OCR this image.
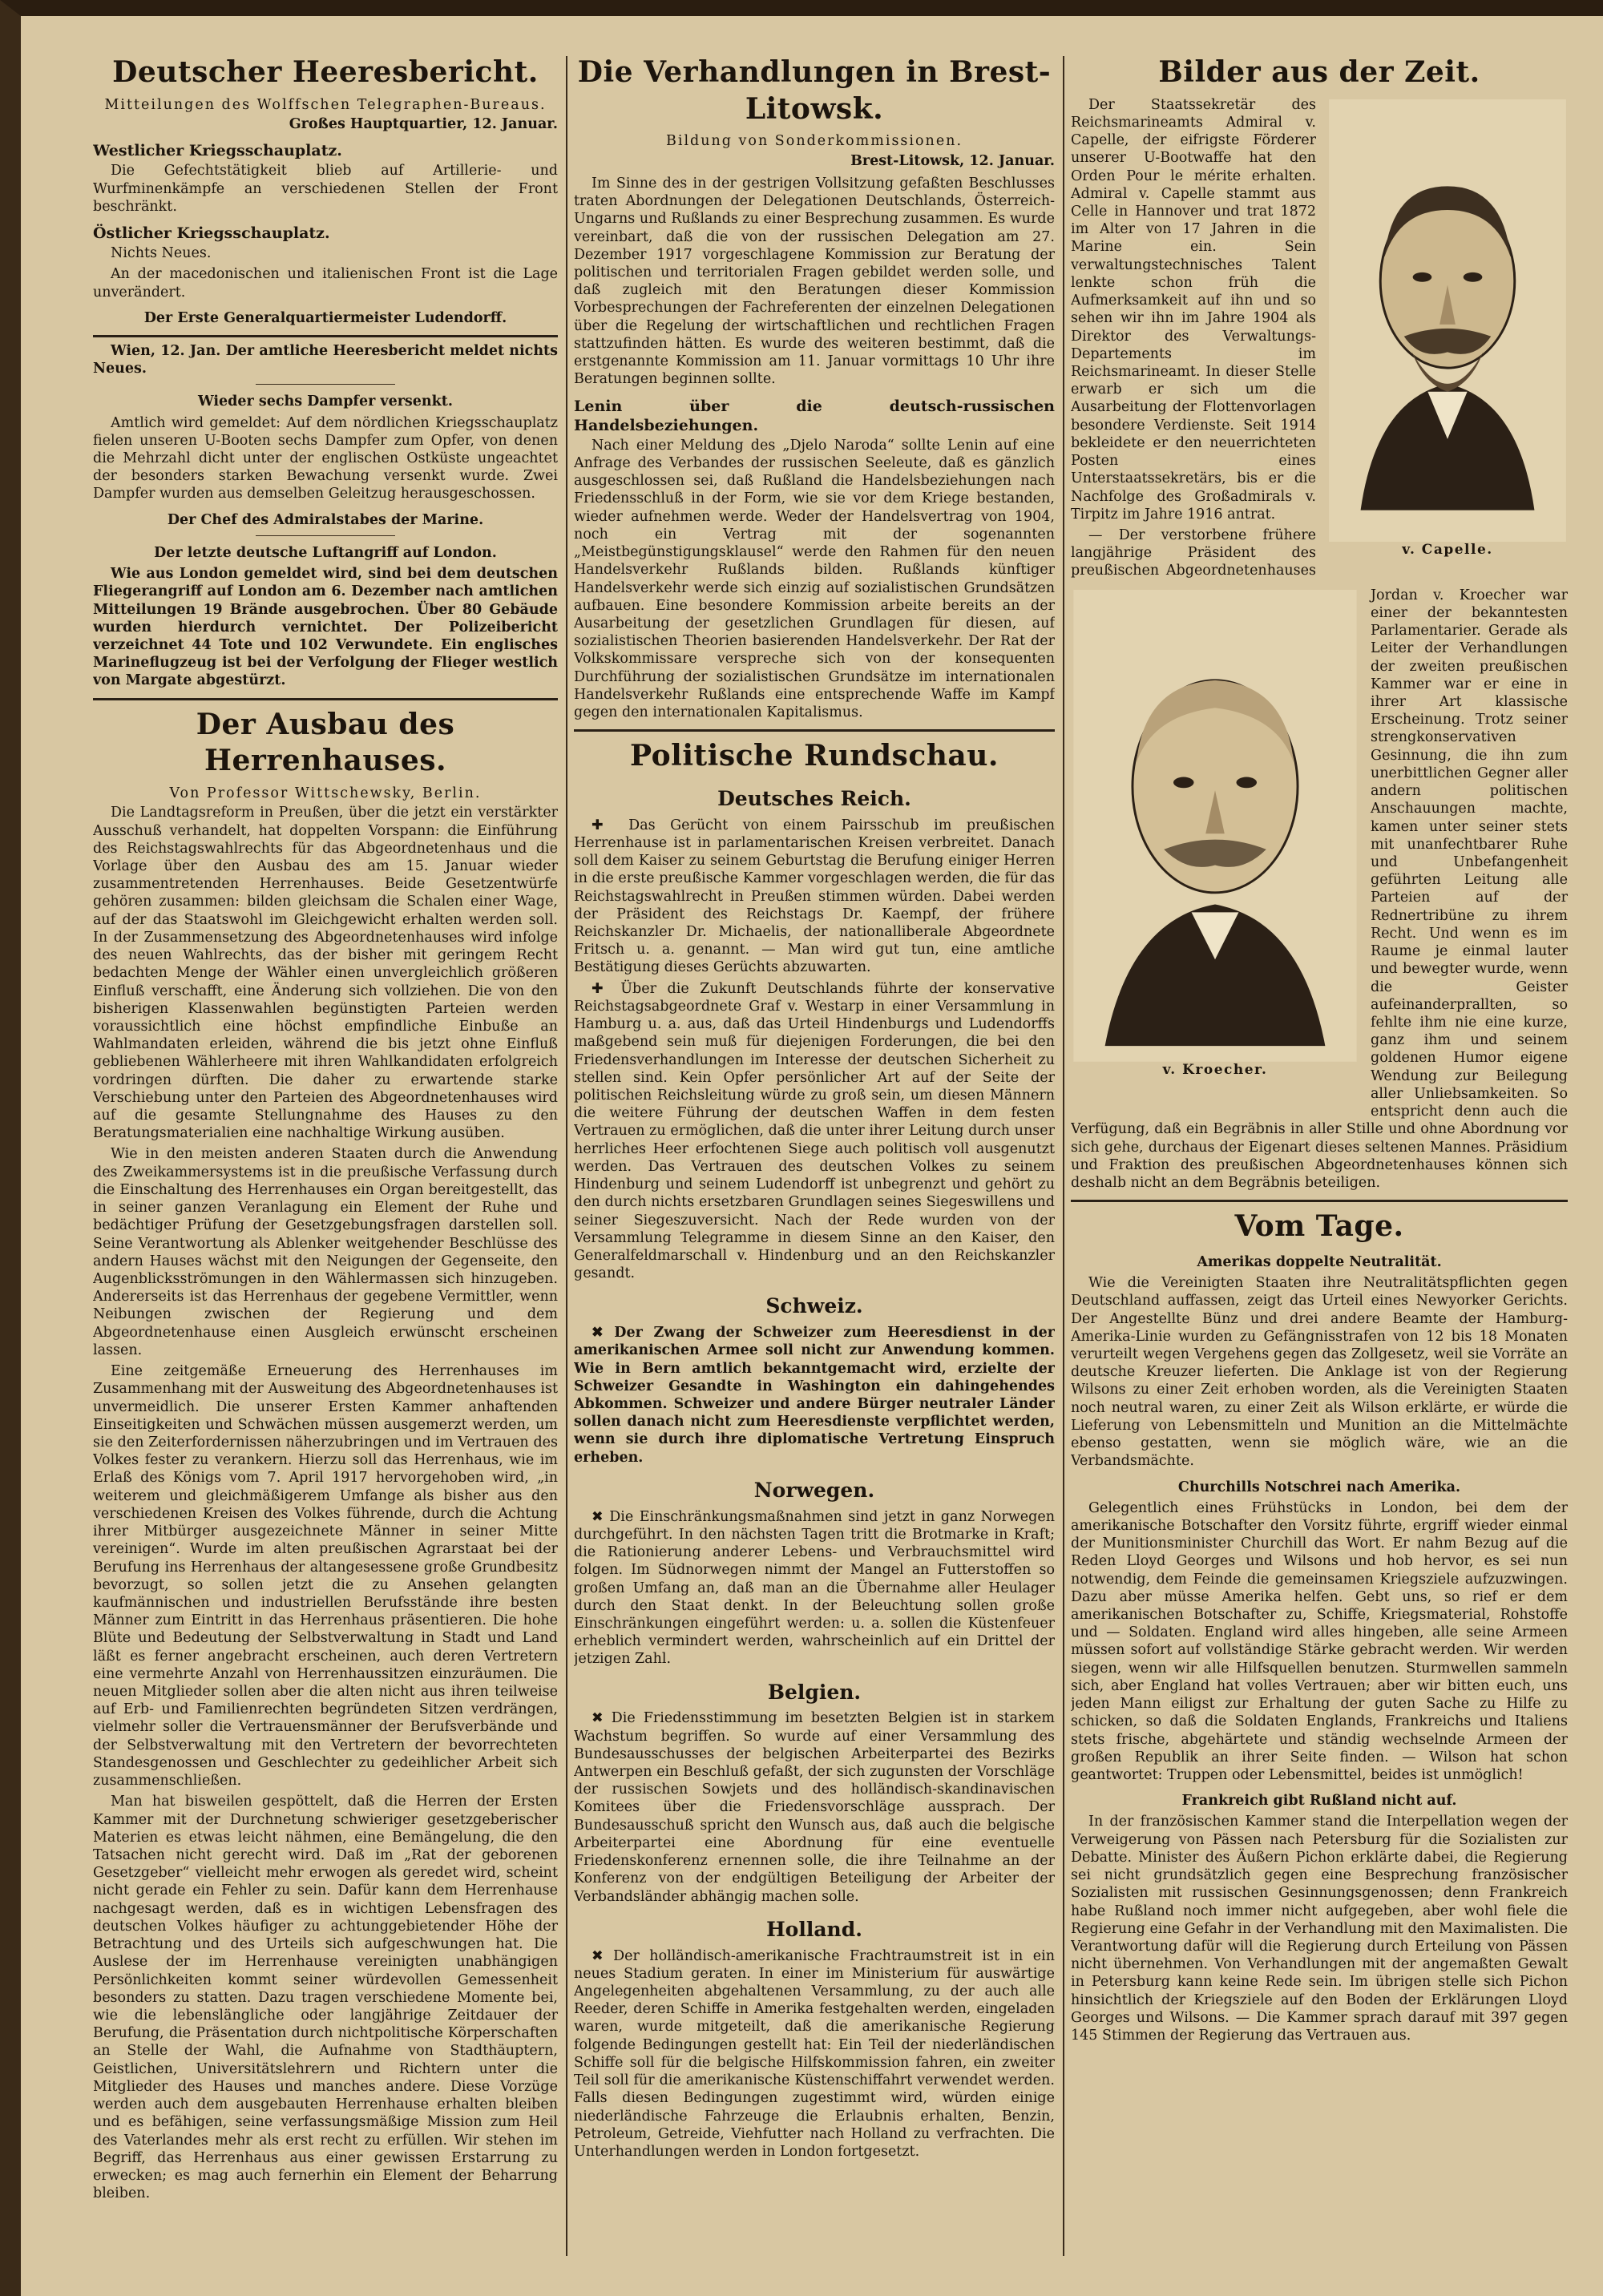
Deutscher Heeresbericht.
Mitteilungen des Wolffschen Telegraphen-Bureaus.
Großes Hauptquartier, 12. Januar.
Westlicher Kriegsschauplatz.

Die Gefechtstätigkeit blieb auf Artillerie- und Wurfminenkämpfe an verschiedenen Stellen der Front beschränkt.

Östlicher Kriegsschauplatz.

Nichts Neues.

An der macedonischen und italienischen Front ist die Lage unverändert.

Der Erste Generalquartiermeister Ludendorff.

Wien, 12. Jan. Der amtliche Heeresbericht meldet nichts Neues.

Wieder sechs Dampfer versenkt.

Amtlich wird gemeldet: Auf dem nördlichen Kriegsschauplatz fielen unseren U-Booten sechs Dampfer zum Opfer, von denen die Mehrzahl dicht unter der englischen Ostküste ungeachtet der besonders starken Bewachung versenkt wurde. Zwei Dampfer wurden aus demselben Geleitzug herausgeschossen.

Der Chef des Admiralstabes der Marine.
Der letzte deutsche Luftangriff auf London.

Wie aus London gemeldet wird, sind bei dem deutschen Fliegerangriff auf London am 6. Dezember nach amtlichen Mitteilungen 19 Brände ausgebrochen. Über 80 Gebäude wurden hierdurch vernichtet. Der Polizeibericht verzeichnet 44 Tote und 102 Verwundete. Ein englisches Marineflugzeug ist bei der Verfolgung der Flieger westlich von Margate abgestürzt.

Der Ausbau des Herrenhauses.
Von Professor Wittschewsky, Berlin.

Die Landtagsreform in Preußen, über die jetzt ein verstärkter Ausschuß verhandelt, hat doppelten Vorspann: die Einführung des Reichstagswahlrechts für das Abgeordnetenhaus und die Vorlage über den Ausbau des am 15. Januar wieder zusammentretenden Herrenhauses. Beide Gesetzentwürfe gehören zusammen: bilden gleichsam die Schalen einer Wage, auf der das Staatswohl im Gleichgewicht erhalten werden soll. In der Zusammensetzung des Abgeordnetenhauses wird infolge des neuen Wahlrechts, das der bisher mit geringem Recht bedachten Menge der Wähler einen unvergleichlich größeren Einfluß verschafft, eine Änderung sich vollziehen. Die von den bisherigen Klassenwahlen begünstigten Parteien werden voraussichtlich eine höchst empfindliche Einbuße an Wahlmandaten erleiden, während die bis jetzt ohne Einfluß gebliebenen Wählerheere mit ihren Wahlkandidaten erfolgreich vordringen dürften. Die daher zu erwartende starke Verschiebung unter den Parteien des Abgeordnetenhauses wird auf die gesamte Stellungnahme des Hauses zu den Beratungsmaterialien eine nachhaltige Wirkung ausüben.

Wie in den meisten anderen Staaten durch die Anwendung des Zweikammersystems ist in die preußische Verfassung durch die Einschaltung des Herrenhauses ein Organ bereitgestellt, das in seiner ganzen Veranlagung ein Element der Ruhe und bedächtiger Prüfung der Gesetzgebungsfragen darstellen soll. Seine Verantwortung als Ablenker weitgehender Beschlüsse des andern Hauses wächst mit den Neigungen der Gegenseite, den Augenblicksströmungen in den Wählermassen sich hinzugeben. Andererseits ist das Herrenhaus der gegebene Vermittler, wenn Neibungen zwischen der Regierung und dem Abgeordnetenhause einen Ausgleich erwünscht erscheinen lassen.

Eine zeitgemäße Erneuerung des Herrenhauses im Zusammenhang mit der Ausweitung des Abgeordnetenhauses ist unvermeidlich. Die unserer Ersten Kammer anhaftenden Einseitigkeiten und Schwächen müssen ausgemerzt werden, um sie den Zeiterfordernissen näherzubringen und im Vertrauen des Volkes fester zu verankern. Hierzu soll das Herrenhaus, wie im Erlaß des Königs vom 7. April 1917 hervorgehoben wird, „in weiterem und gleichmäßigerem Umfange als bisher aus den verschiedenen Kreisen des Volkes führende, durch die Achtung ihrer Mitbürger ausgezeichnete Männer in seiner Mitte vereinigen“. Wurde im alten preußischen Agrarstaat bei der Berufung ins Herrenhaus der altangesessene große Grundbesitz bevorzugt, so sollen jetzt die zu Ansehen gelangten kaufmännischen und industriellen Berufsstände ihre besten Männer zum Eintritt in das Herrenhaus präsentieren. Die hohe Blüte und Bedeutung der Selbstverwaltung in Stadt und Land läßt es ferner angebracht erscheinen, auch deren Vertretern eine vermehrte Anzahl von Herrenhaussitzen einzuräumen. Die neuen Mitglieder sollen aber die alten nicht aus ihren teilweise auf Erb- und Familienrechten begründeten Sitzen verdrängen, vielmehr soller die Vertrauensmänner der Berufsverbände und der Selbstverwaltung mit den Vertretern der bevorrechteten Standesgenossen und Geschlechter zu gedeihlicher Arbeit sich zusammenschließen.

Man hat bisweilen gespöttelt, daß die Herren der Ersten Kammer mit der Durchnetung schwieriger gesetzgeberischer Materien es etwas leicht nähmen, eine Bemängelung, die den Tatsachen nicht gerecht wird. Daß im „Rat der geborenen Gesetzgeber“ vielleicht mehr erwogen als geredet wird, scheint nicht gerade ein Fehler zu sein. Dafür kann dem Herrenhause nachgesagt werden, daß es in wichtigen Lebensfragen des deutschen Volkes häufiger zu achtunggebietender Höhe der Betrachtung und des Urteils sich aufgeschwungen hat. Die Auslese der im Herrenhause vereinigten unabhängigen Persönlichkeiten kommt seiner würdevollen Gemessenheit besonders zu statten. Dazu tragen verschiedene Momente bei, wie die lebenslängliche oder langjährige Zeitdauer der Berufung, die Präsentation durch nichtpolitische Körperschaften an Stelle der Wahl, die Aufnahme von Stadthäuptern, Geistlichen, Universitätslehrern und Richtern unter die Mitglieder des Hauses und manches andere. Diese Vorzüge werden auch dem ausgebauten Herrenhause erhalten bleiben und es befähigen, seine verfassungsmäßige Mission zum Heil des Vaterlandes mehr als erst recht zu erfüllen. Wir stehen im Begriff, das Herrenhaus aus einer gewissen Erstarrung zu erwecken; es mag auch fernerhin ein Element der Beharrung bleiben.

Die Verhandlungen in Brest-Litowsk.
Bildung von Sonderkommissionen.
Brest-Litowsk, 12. Januar.

Im Sinne des in der gestrigen Vollsitzung gefaßten Beschlusses traten Abordnungen der Delegationen Deutschlands, Österreich-Ungarns und Rußlands zu einer Besprechung zusammen. Es wurde vereinbart, daß die von der russischen Delegation am 27. Dezember 1917 vorgeschlagene Kommission zur Beratung der politischen und territorialen Fragen gebildet werden solle, und daß zugleich mit den Beratungen dieser Kommission Vorbesprechungen der Fachreferenten der einzelnen Delegationen über die Regelung der wirtschaftlichen und rechtlichen Fragen stattzufinden hätten. Es wurde des weiteren bestimmt, daß die erstgenannte Kommission am 11. Januar vormittags 10 Uhr ihre Beratungen beginnen sollte.

Lenin über die deutsch-russischen Handelsbeziehungen.

Nach einer Meldung des „Djelo Naroda“ sollte Lenin auf eine Anfrage des Verbandes der russischen Seeleute, daß es gänzlich ausgeschlossen sei, daß Rußland die Handelsbeziehungen nach Friedensschluß in der Form, wie sie vor dem Kriege bestanden, wieder aufnehmen werde. Weder der Handelsvertrag von 1904, noch ein Vertrag mit der sogenannten „Meistbegünstigungsklausel“ werde den Rahmen für den neuen Handelsverkehr Rußlands bilden. Rußlands künftiger Handelsverkehr werde sich einzig auf sozialistischen Grundsätzen aufbauen. Eine besondere Kommission arbeite bereits an der Ausarbeitung der gesetzlichen Grundlagen für diesen, auf sozialistischen Theorien basierenden Handelsverkehr. Der Rat der Volkskommissare verspreche sich von der konsequenten Durchführung der sozialistischen Grundsätze im internationalen Handelsverkehr Rußlands eine entsprechende Waffe im Kampf gegen den internationalen Kapitalismus.

Politische Rundschau.
Deutsches Reich.

✚ Das Gerücht von einem Pairsschub im preußischen Herrenhause ist in parlamentarischen Kreisen verbreitet. Danach soll dem Kaiser zu seinem Geburtstag die Berufung einiger Herren in die erste preußische Kammer vorgeschlagen werden, die für das Reichstagswahlrecht in Preußen stimmen würden. Dabei werden der Präsident des Reichstags Dr. Kaempf, der frühere Reichskanzler Dr. Michaelis, der nationalliberale Abgeordnete Fritsch u. a. genannt. — Man wird gut tun, eine amtliche Bestätigung dieses Gerüchts abzuwarten.

✚ Über die Zukunft Deutschlands führte der konservative Reichstagsabgeordnete Graf v. Westarp in einer Versammlung in Hamburg u. a. aus, daß das Urteil Hindenburgs und Ludendorffs maßgebend sein muß für diejenigen Forderungen, die bei den Friedensverhandlungen im Interesse der deutschen Sicherheit zu stellen sind. Kein Opfer persönlicher Art auf der Seite der politischen Reichsleitung würde zu groß sein, um diesen Männern die weitere Führung der deutschen Waffen in dem festen Vertrauen zu ermöglichen, daß die unter ihrer Leitung durch unser herrliches Heer erfochtenen Siege auch politisch voll ausgenutzt werden. Das Vertrauen des deutschen Volkes zu seinem Hindenburg und seinem Ludendorff ist unbegrenzt und gehört zu den durch nichts ersetzbaren Grundlagen seines Siegeswillens und seiner Siegeszuversicht. Nach der Rede wurden von der Versammlung Telegramme in diesem Sinne an den Kaiser, den Generalfeldmarschall v. Hindenburg und an den Reichskanzler gesandt.

Schweiz.

✖ Der Zwang der Schweizer zum Heeresdienst in der amerikanischen Armee soll nicht zur Anwendung kommen. Wie in Bern amtlich bekanntgemacht wird, erzielte der Schweizer Gesandte in Washington ein dahingehendes Abkommen. Schweizer und andere Bürger neutraler Länder sollen danach nicht zum Heeresdienste verpflichtet werden, wenn sie durch ihre diplomatische Vertretung Einspruch erheben.

Norwegen.

✖ Die Einschränkungsmaßnahmen sind jetzt in ganz Norwegen durchgeführt. In den nächsten Tagen tritt die Brotmarke in Kraft; die Rationierung anderer Lebens- und Verbrauchsmittel wird folgen. Im Südnorwegen nimmt der Mangel an Futterstoffen so großen Umfang an, daß man an die Übernahme aller Heulager durch den Staat denkt. In der Beleuchtung sollen große Einschränkungen eingeführt werden: u. a. sollen die Küstenfeuer erheblich vermindert werden, wahrscheinlich auf ein Drittel der jetzigen Zahl.

Belgien.

✖ Die Friedensstimmung im besetzten Belgien ist in starkem Wachstum begriffen. So wurde auf einer Versammlung des Bundesausschusses der belgischen Arbeiterpartei des Bezirks Antwerpen ein Beschluß gefaßt, der sich zugunsten der Vorschläge der russischen Sowjets und des holländisch-skandinavischen Komitees über die Friedensvorschläge aussprach. Der Bundesausschuß spricht den Wunsch aus, daß auch die belgische Arbeiterpartei eine Abordnung für eine eventuelle Friedenskonferenz ernennen solle, die ihre Teilnahme an der Konferenz von der endgültigen Beteiligung der Arbeiter der Verbandsländer abhängig machen solle.

Holland.

✖ Der holländisch-amerikanische Frachtraumstreit ist in ein neues Stadium geraten. In einer im Ministerium für auswärtige Angelegenheiten abgehaltenen Versammlung, zu der auch alle Reeder, deren Schiffe in Amerika festgehalten werden, eingeladen waren, wurde mitgeteilt, daß die amerikanische Regierung folgende Bedingungen gestellt hat: Ein Teil der niederländischen Schiffe soll für die belgische Hilfskommission fahren, ein zweiter Teil soll für die amerikanische Küstenschiffahrt verwendet werden. Falls diesen Bedingungen zugestimmt wird, würden einige niederländische Fahrzeuge die Erlaubnis erhalten, Benzin, Petroleum, Getreide, Viehfutter nach Holland zu verfrachten. Die Unterhandlungen werden in London fortgesetzt.

Bilder aus der Zeit.
v. Capelle.

Der Staatssekretär des Reichsmarineamts Admiral v. Capelle, der eifrigste Förderer unserer U-Bootwaffe hat den Orden Pour le mérite erhalten. Admiral v. Capelle stammt aus Celle in Hannover und trat 1872 im Alter von 17 Jahren in die Marine ein. Sein verwaltungstechnisches Talent lenkte schon früh die Aufmerksamkeit auf ihn und so sehen wir ihn im Jahre 1904 als Direktor des Verwaltungs-Departements im Reichsmarineamt. In dieser Stelle erwarb er sich um die Ausarbeitung der Flottenvorlagen besondere Verdienste. Seit 1914 bekleidete er den neuerrichteten Posten eines Unterstaatssekretärs, bis er die Nachfolge des Großadmirals v. Tirpitz im Jahre 1916 antrat.

v. Kroecher.

— Der verstorbene frühere langjährige Präsident des preußischen Abgeordnetenhauses Jordan v. Kroecher war einer der bekanntesten Parlamentarier. Gerade als Leiter der Verhandlungen der zweiten preußischen Kammer war er eine in ihrer Art klassische Erscheinung. Trotz seiner strengkonservativen Gesinnung, die ihn zum unerbittlichen Gegner aller andern politischen Anschauungen machte, kamen unter seiner stets mit unanfechtbarer Ruhe und Unbefangenheit geführten Leitung alle Parteien auf der Rednertribüne zu ihrem Recht. Und wenn es im Raume je einmal lauter und bewegter wurde, wenn die Geister aufeinanderprallten, so fehlte ihm nie eine kurze, ganz ihm und seinem goldenen Humor eigene Wendung zur Beilegung aller Unliebsamkeiten. So entspricht denn auch die Verfügung, daß ein Begräbnis in aller Stille und ohne Abordnung vor sich gehe, durchaus der Eigenart dieses seltenen Mannes. Präsidium und Fraktion des preußischen Abgeordnetenhauses können sich deshalb nicht an dem Begräbnis beteiligen.

Vom Tage.
Amerikas doppelte Neutralität.

Wie die Vereinigten Staaten ihre Neutralitätspflichten gegen Deutschland auffassen, zeigt das Urteil eines Newyorker Gerichts. Der Angestellte Bünz und drei andere Beamte der Hamburg-Amerika-Linie wurden zu Gefängnisstrafen von 12 bis 18 Monaten verurteilt wegen Vergehens gegen das Zollgesetz, weil sie Vorräte an deutsche Kreuzer lieferten. Die Anklage ist von der Regierung Wilsons zu einer Zeit erhoben worden, als die Vereinigten Staaten noch neutral waren, zu einer Zeit als Wilson erklärte, er würde die Lieferung von Lebensmitteln und Munition an die Mittelmächte ebenso gestatten, wenn sie möglich wäre, wie an die Verbandsmächte.

Churchills Notschrei nach Amerika.

Gelegentlich eines Frühstücks in London, bei dem der amerikanische Botschafter den Vorsitz führte, ergriff wieder einmal der Munitionsminister Churchill das Wort. Er nahm Bezug auf die Reden Lloyd Georges und Wilsons und hob hervor, es sei nun notwendig, dem Feinde die gemeinsamen Kriegsziele aufzuzwingen. Dazu aber müsse Amerika helfen. Gebt uns, so rief er dem amerikanischen Botschafter zu, Schiffe, Kriegsmaterial, Rohstoffe und — Soldaten. England wird alles hingeben, alle seine Armeen müssen sofort auf vollständige Stärke gebracht werden. Wir werden siegen, wenn wir alle Hilfsquellen benutzen. Sturmwellen sammeln sich, aber England hat volles Vertrauen; aber wir bitten euch, uns jeden Mann eiligst zur Erhaltung der guten Sache zu Hilfe zu schicken, so daß die Soldaten Englands, Frankreichs und Italiens stets frische, abgehärtete und ständig wechselnde Armeen der großen Republik an ihrer Seite finden. — Wilson hat schon geantwortet: Truppen oder Lebensmittel, beides ist unmöglich!

Frankreich gibt Rußland nicht auf.

In der französischen Kammer stand die Interpellation wegen der Verweigerung von Pässen nach Petersburg für die Sozialisten zur Debatte. Minister des Äußern Pichon erklärte dabei, die Regierung sei nicht grundsätzlich gegen eine Besprechung französischer Sozialisten mit russischen Gesinnungsgenossen; denn Frankreich habe Rußland noch immer nicht aufgegeben, aber wohl fiele die Regierung eine Gefahr in der Verhandlung mit den Maximalisten. Die Verantwortung dafür will die Regierung durch Erteilung von Pässen nicht übernehmen. Von Verhandlungen mit der angemaßten Gewalt in Petersburg kann keine Rede sein. Im übrigen stelle sich Pichon hinsichtlich der Kriegsziele auf den Boden der Erklärungen Lloyd Georges und Wilsons. — Die Kammer sprach darauf mit 397 gegen 145 Stimmen der Regierung das Vertrauen aus.
